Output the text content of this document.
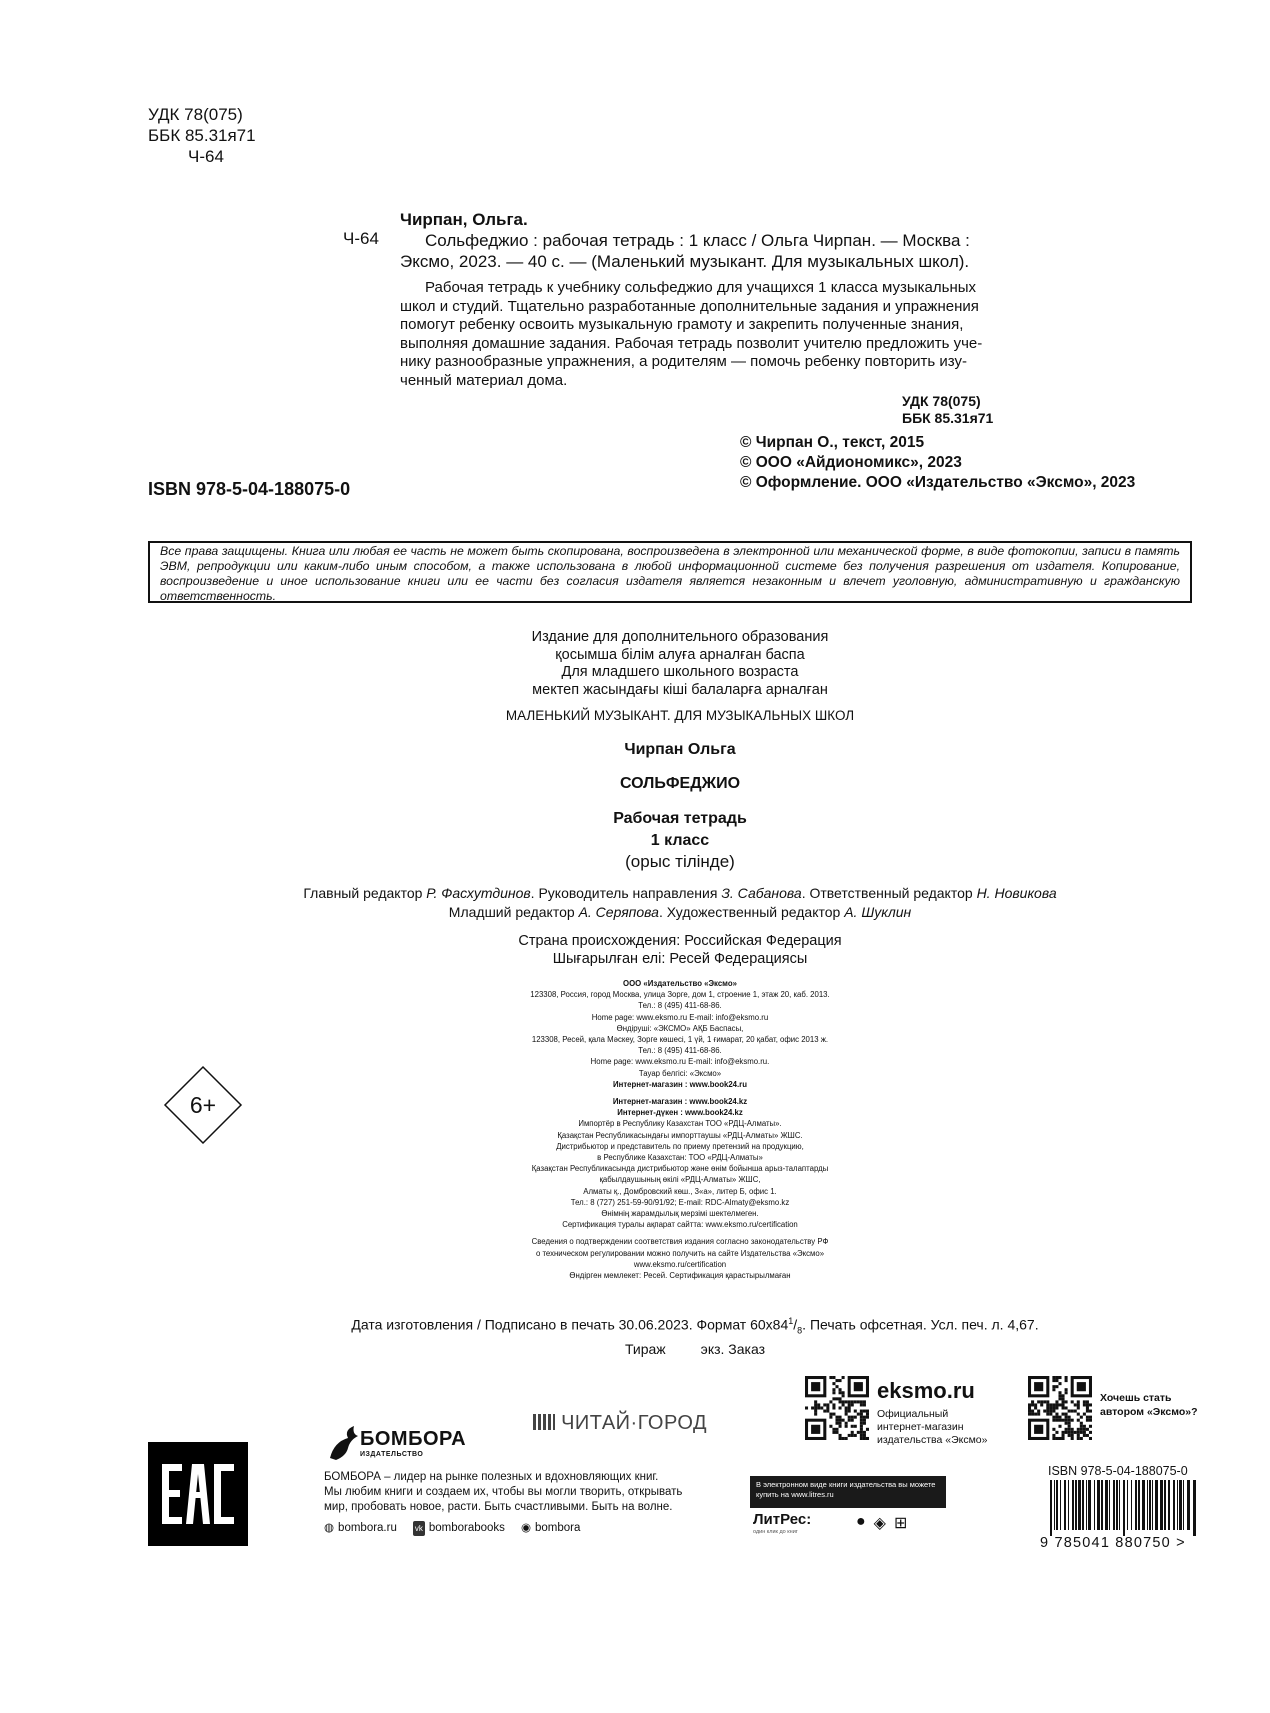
УДК 78(075)
ББК 85.31я71
Ч-64
Ч-64
Чирпан, Ольга.
Сольфеджио : рабочая тетрадь : 1 класс / Ольга Чирпан. — Москва :
Эксмо, 2023. — 40 с. — (Маленький музыкант. Для музыкальных школ).
Рабочая тетрадь к учебнику сольфеджио для учащихся 1 класса музыкальных
школ и студий. Тщательно разработанные дополнительные задания и упражнения
помогут ребенку освоить музыкальную грамоту и закрепить полученные знания,
выполняя домашние задания. Рабочая тетрадь позволит учителю предложить уче-
нику разнообразные упражнения, а родителям — помочь ребенку повторить изу-
ченный материал дома.
УДК 78(075)
ББК 85.31я71
© Чирпан О., текст, 2015
© ООО «Айдиономикс», 2023
© Оформление. ООО «Издательство «Эксмо», 2023
ISBN 978-5-04-188075-0
Все права защищены. Книга или любая ее часть не может быть скопирована, воспроизведена в электронной или механической форме, в виде фотокопии, записи в память ЭВМ, репродукции или каким-либо иным способом, а также использована в любой информационной системе без получения разрешения от издателя. Копирование, воспроизведение и иное использование книги или ее части без согласия издателя является незаконным и влечет уголовную, административную и гражданскую ответственность.
Издание для дополнительного образования
қосымша білім алуға арналған баспа
Для младшего школьного возраста
мектеп жасындағы кіші балаларға арналған
МАЛЕНЬКИЙ МУЗЫКАНТ. ДЛЯ МУЗЫКАЛЬНЫХ ШКОЛ
Чирпан Ольга
СОЛЬФЕДЖИО
Рабочая тетрадь
1 класс
(орыс тілінде)
Главный редактор Р. Фасхутдинов. Руководитель направления З. Сабанова. Ответственный редактор Н. Новикова
Младший редактор А. Серяпова. Художественный редактор А. Шуклин
Страна происхождения: Российская Федерация
Шығарылған елі: Ресей Федерациясы
ООО «Издательство «Эксмо»
123308, Россия, город Москва, улица Зорге, дом 1, строение 1, этаж 20, каб. 2013.
Тел.: 8 (495) 411-68-86.
Home page: www.eksmo.ru E-mail: info@eksmo.ru
Өндіруші: «ЭКСМО» АҚБ Баспасы,
123308, Ресей, қала Мәскеу, Зорге көшесі, 1 үй, 1 ғимарат, 20 қабат, офис 2013 ж.
Тел.: 8 (495) 411-68-86.
Home page: www.eksmo.ru E-mail: info@eksmo.ru.
Тауар белгісі: «Эксмо»
Интернет-магазин : www.book24.ru
Интернет-магазин : www.book24.kz
Интернет-дүкен : www.book24.kz
Импортёр в Республику Казахстан ТОО «РДЦ-Алматы».
Қазақстан Республикасындағы импорттаушы «РДЦ-Алматы» ЖШС.
Дистрибьютор и представитель по приему претензий на продукцию,
в Республике Казахстан: ТОО «РДЦ-Алматы»
Қазақстан Республикасында дистрибьютор және өнім бойынша арыз-талаптарды
қабылдаушының өкілі «РДЦ-Алматы» ЖШС,
Алматы қ., Домбровский көш., 3«а», литер Б, офис 1.
Тел.: 8 (727) 251-59-90/91/92; E-mail: RDC-Almaty@eksmo.kz
Өнімнің жарамдылық мерзімі шектелмеген.
Сертификация туралы ақпарат сайтта: www.eksmo.ru/certification
Сведения о подтверждении соответствия издания согласно законодательству РФ
о техническом регулировании можно получить на сайте Издательства «Эксмо»
www.eksmo.ru/certification
Өндірген мемлекет: Ресей. Сертификация қарастырылмаған
6+
Дата изготовления / Подписано в печать 30.06.2023. Формат $60х84^1/_8$. Печать офсетная. Усл. печ. л. 4,67.
Тираж         экз. Заказ
БОМБОРА
ИЗДАТЕЛЬСТВО
БОМБОРА – лидер на рынке полезных и вдохновляющих книг.
Мы любим книги и создаем их, чтобы вы могли творить, открывать
мир, пробовать новое, расти. Быть счастливыми. Быть на волне.
◍ bombora.ru vk bomborabooks ◉ bombora
ЧИТАЙ·ГОРОД
eksmo.ru
Официальный
интернет-магазин
издательства «Эксмо»
Хочешь стать
автором «Эксмо»?
В электронном виде книги издательства вы можете купить на www.litres.ru
ЛитРес:
один клик до книг
● ◈ ⊞
ISBN 978-5-04-188075-0
9 785041 880750 >
